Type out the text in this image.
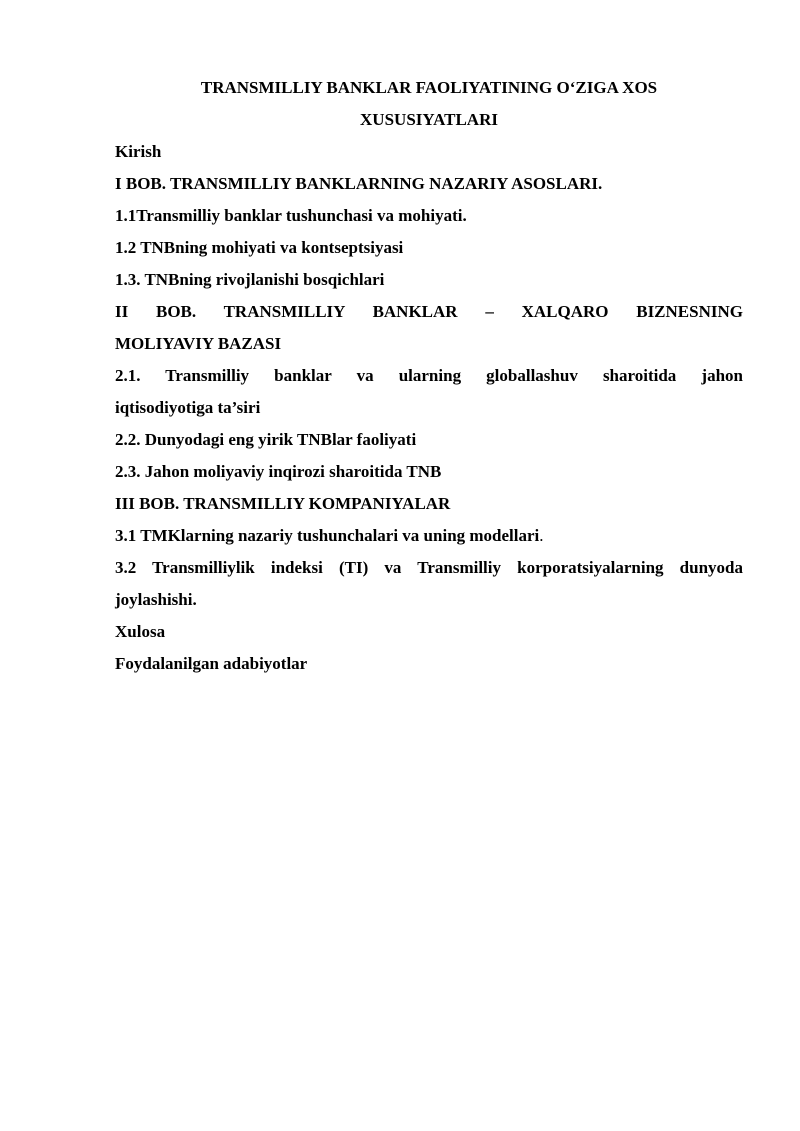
TRANSMILLIY BANKLAR FAOLIYATINING O‘ZIGA XOS
XUSUSIYATLARI

Kirish

I BOB. TRANSMILLIY BANKLARNING NAZARIY ASOSLARI.

1.1Transmilliy banklar tushunchasi va mohiyati.

1.2 TNBning mohiyati va kontseptsiyasi

1.3. TNBning rivojlanishi bosqichlari

II BOB. TRANSMILLIY BANKLAR – XALQARO BIZNESNING
MOLIYAVIY BAZASI

2.1. Transmilliy banklar va ularning globallashuv sharoitida jahon
iqtisodiyotiga ta’siri

2.2. Dunyodagi eng yirik TNBlar faoliyati

2.3. Jahon moliyaviy inqirozi sharoitida TNB

III BOB. TRANSMILLIY KOMPANIYALAR

3.1 TMKlarning nazariy tushunchalari va uning modellari.

3.2 Transmilliylik indeksi (TI) va Transmilliy korporatsiyalarning dunyoda
joylashishi.

Xulosa

Foydalanilgan adabiyotlar
